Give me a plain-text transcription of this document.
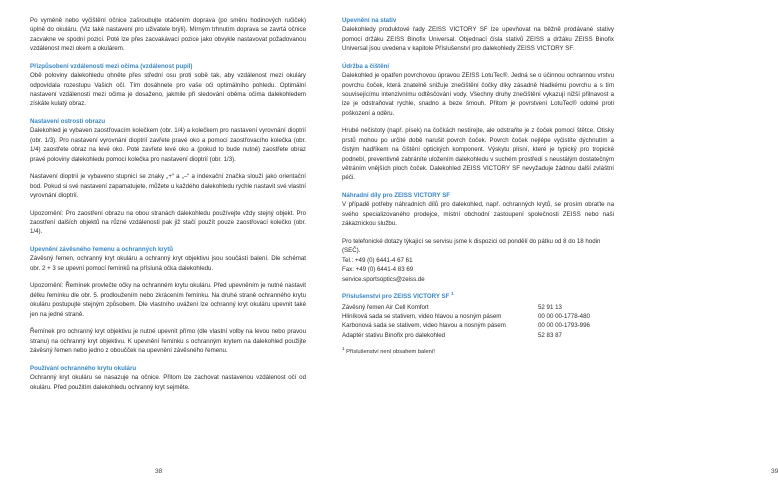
Po vyměně nebo vyčištění očnice zašroubujte otáčením doprava (po směru hodinových ručiček) úplně do okuláru. (Viz také nastavení pro uživatele brýlí). Mírným trhnutím doprava se zavrtá očnice zacvakne ve spodní pozici. Poté lze přes zacvakávací pozice jako obvykle nastavovat požadovanou vzdálenost mezi okem a okulárem.

Přizpůsobení vzdálenosti mezi očima (vzdálenost pupil)

Obě poloviny dalekohledu ohněte přes střední osu proti sobě tak, aby vzdálenost mezi okuláry odpovídala rozestupu Vašich očí. Tím dosáhnete pro vaše oči optimálního pohledu. Optimální nastavení vzdálenosti mezi očima je dosaženo, jakmile při sledování oběma očima dalekohledem získáte kulatý obraz.

Nastavení ostrosti obrazu

Dalekohled je vybaven zaostřovacím kolečkem (obr. 1/4) a kolečkem pro nastavení vyrovnání dioptrií (obr. 1/3). Pro nastavení vyrovnání dioptrií zavřete pravé oko a pomocí zaostřovacího kolečka (obr. 1/4) zaostřete obraz na levé oko. Poté zavřete levé oko a (pokud to bude nutné) zaostřete obraz pravé poloviny dalekohledu pomocí kolečka pro nastavení dioptrií (obr. 1/3).

Nastavení dioptrií je vybaveno stupnicí se znaky „+“ a „–“ a indexační značka slouží jako orientační bod. Pokud si své nastavení zapamatujete, můžete u každého dalekohledu rychle nastavit své vlastní vyrovnání dioptrií.

Upozornění: Pro zaostření obrazu na obou stranách dalekohledu používejte vždy stejný objekt. Pro zaostření dalších objektů na různé vzdálenosti pak již stačí použít pouze zaostřovací kolečko (obr. 1/4).

Upevnění závěsného řemenu a ochranných krytů

Závěsný řemen, ochranný kryt okuláru a ochranný kryt objektivu jsou součástí balení. Dle schémat obr. 2 + 3 se upevní pomocí řemínků na přísluná očka dalekohledu.

Upozornění: Řemínek provlečte očky na ochranném krytu okuláru. Před upevněním je nutné nastavit délku řemínku dle obr. 5. prodloužením nebo zkrácením řemínku. Na druhé straně ochranného krytu okuláru postupujte stejným způsobem. Dle vlastního uvážení lze ochranný kryt okuláru upevnit také jen na jedné straně.

Řemínek pro ochranný kryt objektivu je nutné upevnit přímo (dle vlastní volby na levou nebo pravou stranu) na ochranný kryt objektivu. K upevnění řemínku s ochranným krytem na dalekohled použijte závěsný řemen nebo jedno z oboučček na upevnění závěsného řemenu.

Používání ochranného krytu okuláru

Ochranný kryt okuláru se nasazuje na očnice. Přitom lze zachovat nastavenou vzdálenost očí od okuláru. Před použitím dalekohledu ochranný kryt sejměte.

38
Upevnění na stativ

Dalekohledy produktové řady ZEISS VICTORY SF lze upevňovat na běžně prodávané stativy pomocí držáku ZEISS Binofix Universal. Objednací čísla stativů ZEISS a držáku ZEISS Binofix Universal jsou uvedena v kapitole Příslušenství pro dalekohledy ZEISS VICTORY SF.

Údržba a čištění

Dalekohled je opatřen povrchovou úpravou ZEISS LotuTec®. Jedná se o účinnou ochrannou vrstvu povrchu čoček, která znatelně snižuje znečištění čočky díky zásadně hladkému povrchu a s tím souvisejícímu intenzivnímu odtěsčování vody. Všechny druhy znečištění vykazují nižší přilnavost a lze je odstraňovat rychle, snadno a beze šmouh. Přitom je povrstvení LotuTec® odolné proti poškození a oděru.

Hrubé nečistoty (např. písek) na čočkách nestírejte, ale odstraňte je z čoček pomocí štětce. Otisky prstů mohou po určité době narušit povrch čoček. Povrch čoček nejlépe vyčistíte dýchnutím a čistým hadříkem na čištění optických komponent. Výskytu plísní, které je typický pro tropické podnebí, preventivně zabráníte uložením dalekohledu v suchém prostředí s neustálým dostatečným větráním vnějších ploch čoček. Dalekohled ZEISS VICTORY SF nevyžaduje žádnou další zvláštní péči.

Náhradní díly pro ZEISS VICTORY SF

V případě potřeby náhradních dílů pro dalekohled, např. ochranných krytů, se prosím obraťte na svého specializovaného prodejce, místní obchodní zastoupení společnosti ZEISS nebo naši zákaznickou službu.

Pro telefonické dotazy týkající se servisu jsme k dispozici od pondělí do pátku od 8 do 18 hodin
(SEČ).
Tel.: +49 (0) 6441-4 67 61
Fax: +49 (0) 6441-4 83 69
service.sportsoptics@zeiss.de

Příslušenství pro ZEISS VICTORY SF $^1$
Závěsný řemen Air Cell Komfort	52 91 13
Hliníková sada se stativem, video hlavou a nosným pásem	00 00 00-1778-480
Karbonová sada se stativem, video hlavou a nosným pásem	00 00 00-1793-996
Adaptér stativu Binofix pro dalekohled	52 83 87
$^1$ Příslušenství není obsahem balení!
39
